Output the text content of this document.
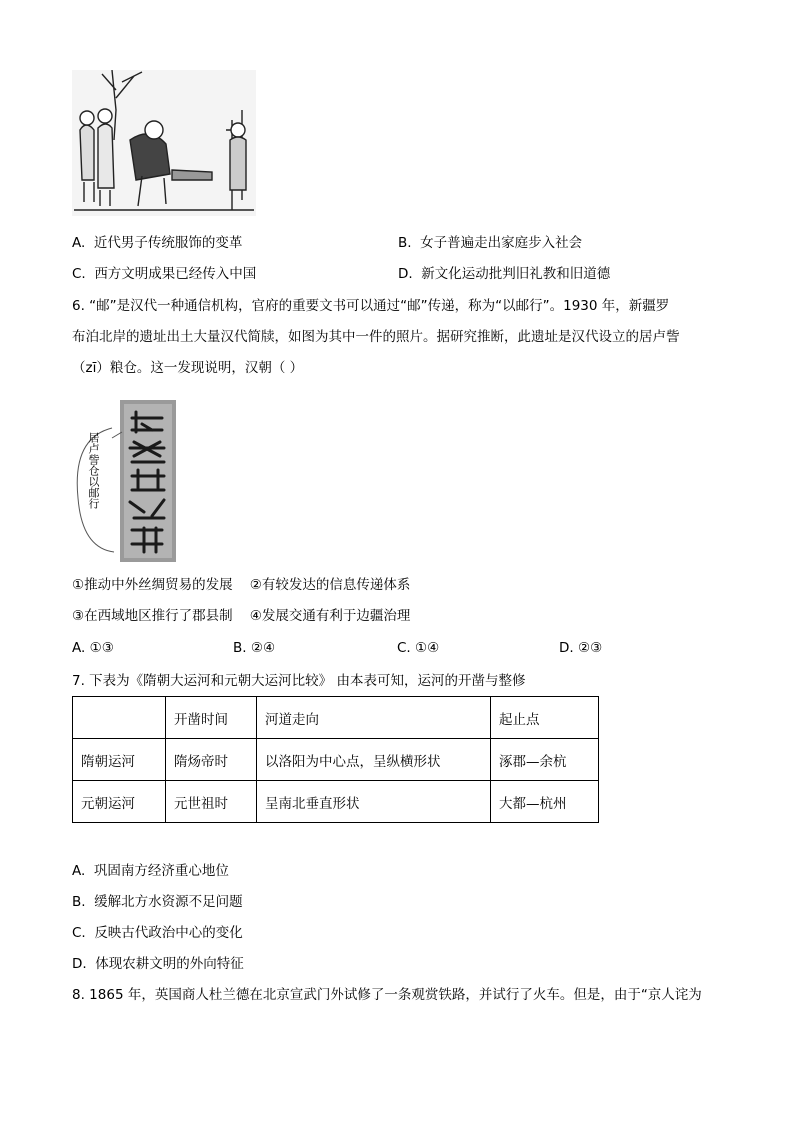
A. 近代男子传统服饰的变革	B. 女子普遍走出家庭步入社会
C. 西方文明成果已经传入中国	D. 新文化运动批判旧礼教和旧道德
6. “邮”是汉代一种通信机构，官府的重要文书可以通过“邮”传递，称为“以邮行”。1930 年，新疆罗
布泊北岸的遗址出土大量汉代简牍，如图为其中一件的照片。据研究推断，此遗址是汉代设立的居卢訾
（zī）粮仓。这一发现说明，汉朝（ ）
居卢訾仓以邮行
①推动中外丝绸贸易的发展    ②有较发达的信息传递体系
③在西域地区推行了郡县制    ④发展交通有利于边疆治理
A. ①③	B. ②④	C. ①④	D. ②③
7. 下表为《隋朝大运河和元朝大运河比较》 由本表可知，运河的开凿与整修
	开凿时间	河道走向	起止点
隋朝运河	隋炀帝时	以洛阳为中心点，呈纵横形状	涿郡—余杭
元朝运河	元世祖时	呈南北垂直形状	大都—杭州
A. 巩固南方经济重心地位
B. 缓解北方水资源不足问题
C. 反映古代政治中心的变化
D. 体现农耕文明的外向特征
8. 1865 年，英国商人杜兰德在北京宣武门外试修了一条观赏铁路，并试行了火车。但是，由于“京人诧为
